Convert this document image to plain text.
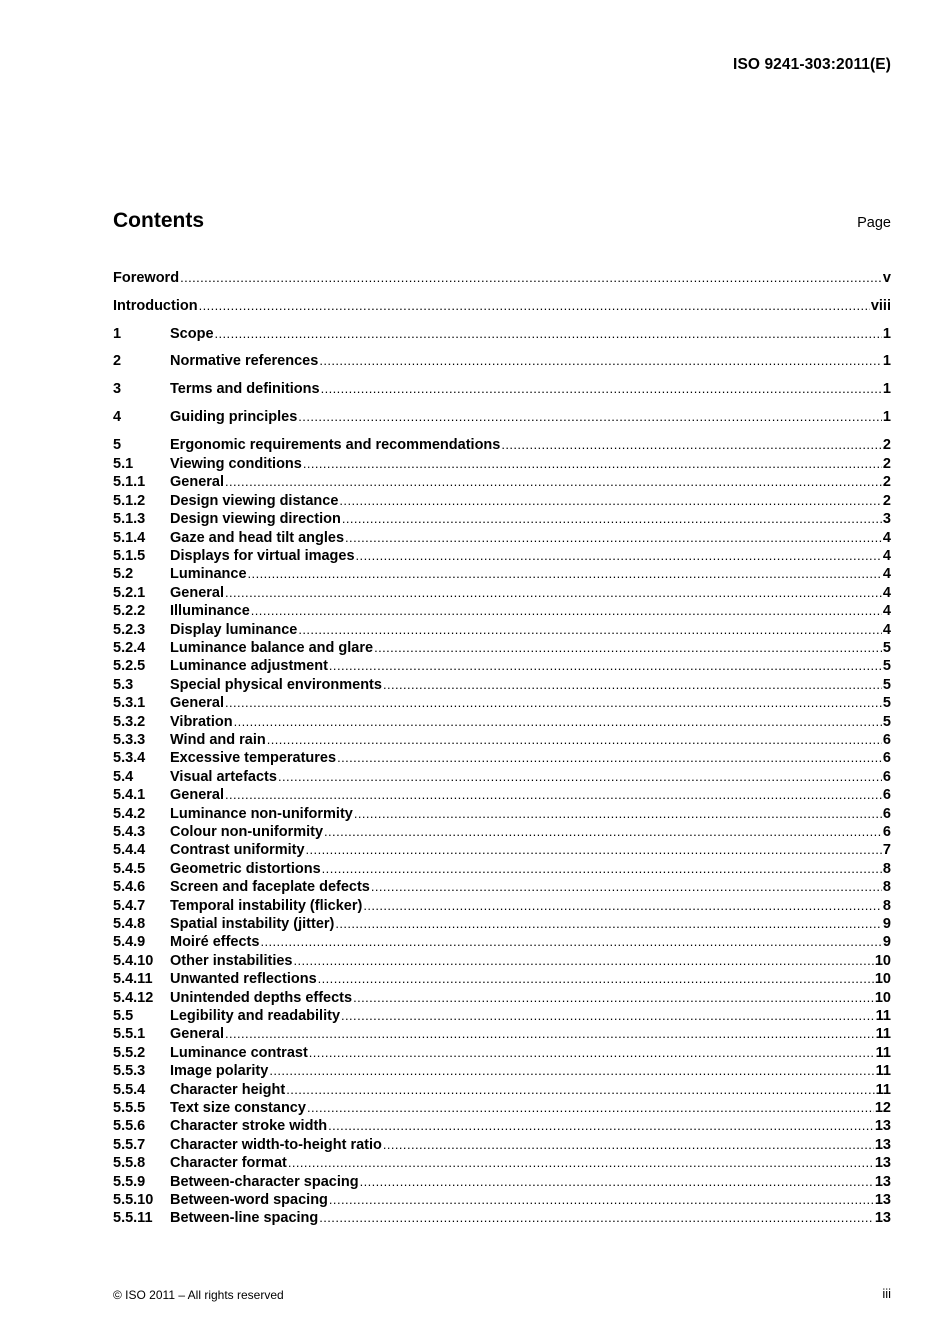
ISO 9241-303:2011(E)
Contents	Page
Foreword .....	v
Introduction .....	viii
1	Scope .....	1
2	Normative references .....	1
3	Terms and definitions .....	1
4	Guiding principles .....	1
5	Ergonomic requirements and recommendations .....	2
5.1	Viewing conditions .....	2
5.1.1	General .....	2
5.1.2	Design viewing distance .....	2
5.1.3	Design viewing direction .....	3
5.1.4	Gaze and head tilt angles .....	4
5.1.5	Displays for virtual images .....	4
5.2	Luminance .....	4
5.2.1	General .....	4
5.2.2	Illuminance .....	4
5.2.3	Display luminance .....	4
5.2.4	Luminance balance and glare .....	5
5.2.5	Luminance adjustment .....	5
5.3	Special physical environments .....	5
5.3.1	General .....	5
5.3.2	Vibration .....	5
5.3.3	Wind and rain .....	6
5.3.4	Excessive temperatures .....	6
5.4	Visual artefacts .....	6
5.4.1	General .....	6
5.4.2	Luminance non-uniformity .....	6
5.4.3	Colour non-uniformity .....	6
5.4.4	Contrast uniformity .....	7
5.4.5	Geometric distortions .....	8
5.4.6	Screen and faceplate defects .....	8
5.4.7	Temporal instability (flicker) .....	8
5.4.8	Spatial instability (jitter) .....	9
5.4.9	Moiré effects .....	9
5.4.10	Other instabilities .....	10
5.4.11	Unwanted reflections .....	10
5.4.12	Unintended depths effects .....	10
5.5	Legibility and readability .....	11
5.5.1	General .....	11
5.5.2	Luminance contrast .....	11
5.5.3	Image polarity .....	11
5.5.4	Character height .....	11
5.5.5	Text size constancy .....	12
5.5.6	Character stroke width .....	13
5.5.7	Character width-to-height ratio .....	13
5.5.8	Character format .....	13
5.5.9	Between-character spacing .....	13
5.5.10	Between-word spacing .....	13
5.5.11	Between-line spacing .....	13
© ISO 2011 – All rights reserved	iii
